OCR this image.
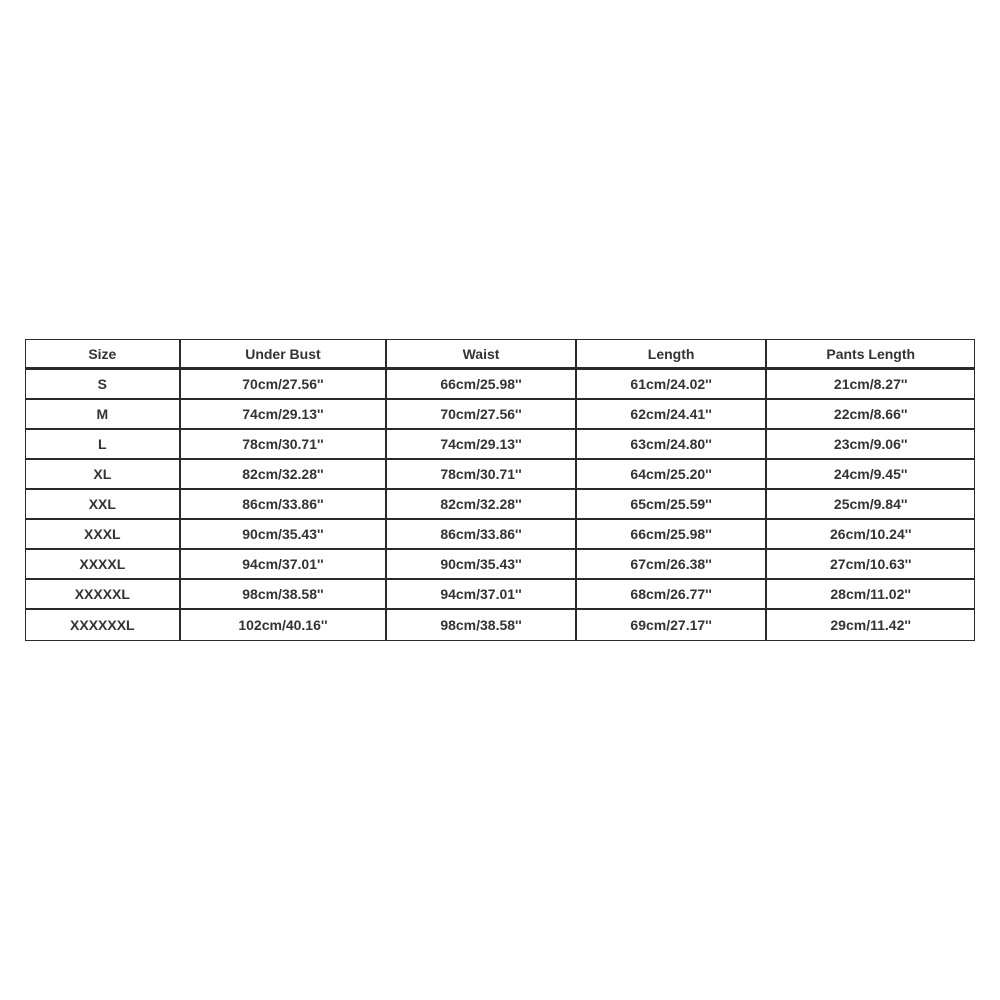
Size	Under Bust	Waist	Length	Pants Length
S	70cm/27.56''	66cm/25.98''	61cm/24.02''	21cm/8.27''
M	74cm/29.13''	70cm/27.56''	62cm/24.41''	22cm/8.66''
L	78cm/30.71''	74cm/29.13''	63cm/24.80''	23cm/9.06''
XL	82cm/32.28''	78cm/30.71''	64cm/25.20''	24cm/9.45''
XXL	86cm/33.86''	82cm/32.28''	65cm/25.59''	25cm/9.84''
XXXL	90cm/35.43''	86cm/33.86''	66cm/25.98''	26cm/10.24''
XXXXL	94cm/37.01''	90cm/35.43''	67cm/26.38''	27cm/10.63''
XXXXXL	98cm/38.58''	94cm/37.01''	68cm/26.77''	28cm/11.02''
XXXXXXL	102cm/40.16''	98cm/38.58''	69cm/27.17''	29cm/11.42''
